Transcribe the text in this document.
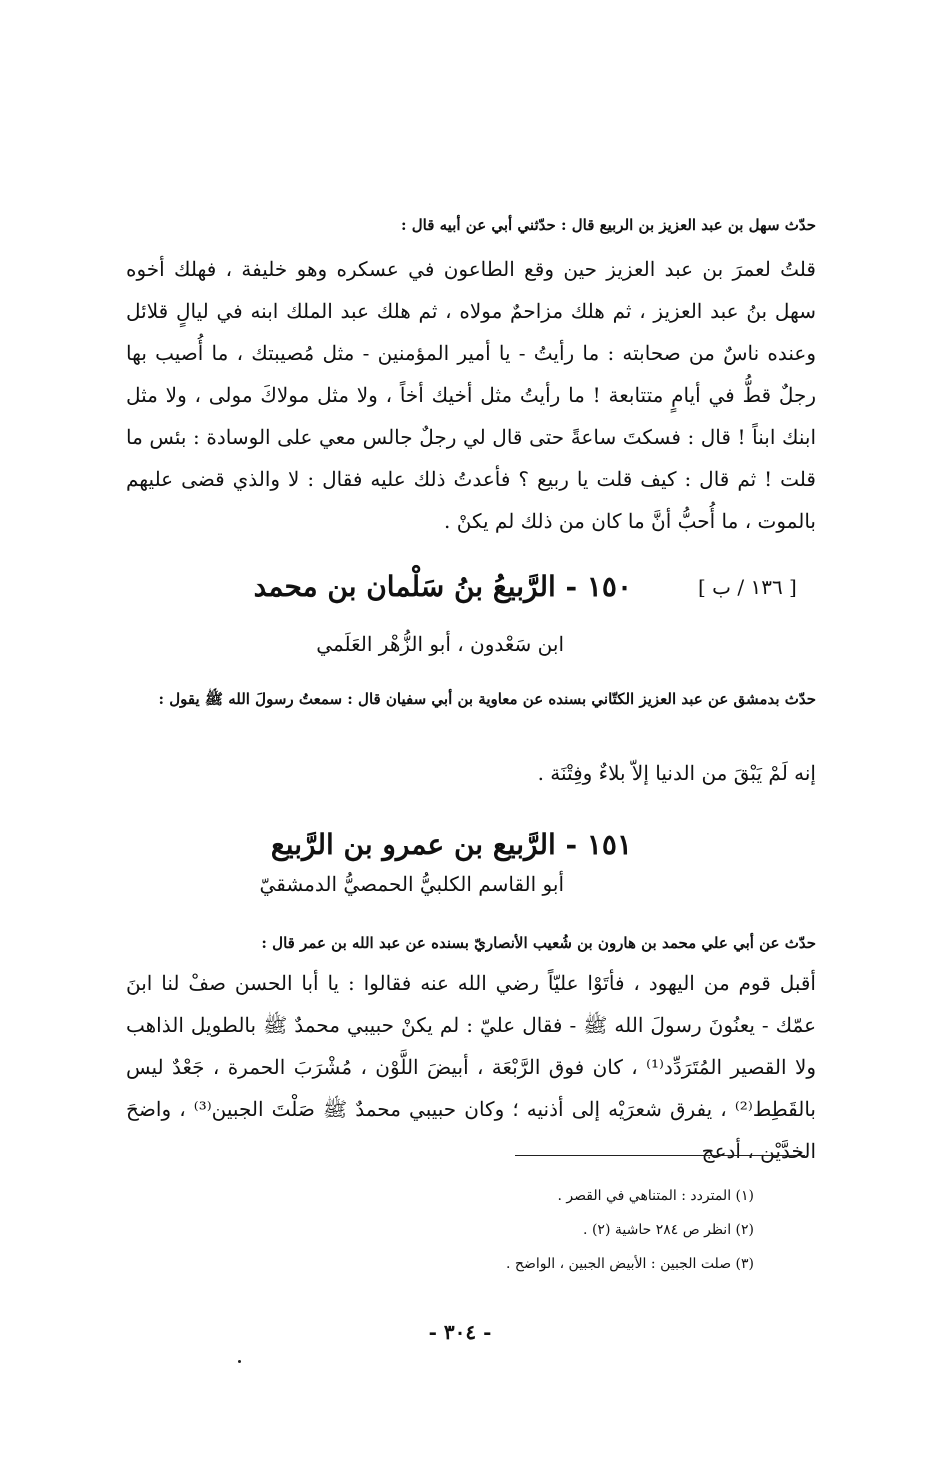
حدّث سهل بن عبد العزيز بن الربيع قال : حدّثني أبي عن أبيه قال :
قلتُ لعمرَ بن عبد العزيز حين وقع الطاعون في عسكره وهو خليفة ، فهلك أخوه سهل بنُ عبد العزيز ، ثم هلك مزاحمٌ مولاه ، ثم هلك عبد الملك ابنه في ليالٍ قلائل وعنده ناسٌ من صحابته : ما رأيتُ - يا أمير المؤمنين - مثل مُصيبتك ، ما أُصيب بها رجلٌ قطُّ في أيامٍ متتابعة ! ما رأيتُ مثل أخيك أخاً ، ولا مثل مولاكَ مولى ، ولا مثل ابنك ابناً ! قال : فسكتَ ساعةً حتى قال لي رجلٌ جالس معي على الوسادة : بئس ما قلت ! ثم قال : كيف قلت يا ربيع ؟ فأعدتُ ذلك عليه فقال : لا والذي قضى عليهم بالموت ، ما أُحبُّ أنَّ ما كان من ذلك لم يكنْ .
[ ١٣٦ / ب ]
١٥٠ - الرَّبيعُ بنُ سَلْمان بن محمد
ابن سَعْدون ، أبو الزُّهْر العَلَمي
حدّث بدمشق عن عبد العزيز الكتّاني بسنده عن معاوية بن أبي سفيان قال : سمعتُ رسولَ الله ﷺ يقول :
إنه لَمْ يَبْقَ من الدنيا إلاّ بلاءٌ وفِتْنَة .
١٥١ - الرَّبيع بن عمرو بن الرَّبيع
أبو القاسم الكلبيُّ الحمصيُّ الدمشقيّ
حدّث عن أبي علي محمد بن هارون بن شُعيب الأنصاريّ بسنده عن عبد الله بن عمر قال :
أقبل قوم من اليهود ، فأتَوْا عليّاً رضي الله عنه فقالوا : يا أبا الحسن صفْ لنا ابنَ عمّك - يعنُونَ رسولَ الله ﷺ - فقال عليّ : لم يكنْ حبيبي محمدٌ ﷺ بالطويل الذاهب ولا القصير المُتَرَدِّد⁽¹⁾ ، كان فوق الرَّبْعَة ، أبيضَ اللَّوْن ، مُشْرَبَ الحمرة ، جَعْدٌ ليس بالقَطِط⁽²⁾ ، يفرق شعرَيْه إلى أذنيه ؛ وكان حبيبي محمدٌ ﷺ صَلْتَ الجبين⁽³⁾ ، واضحَ الخدَّيْن ، أدعج
(١) المتردد : المتناهي في القصر .
(٢) انظر ص ٢٨٤ حاشية (٢) .
(٣) صلت الجبين : الأبيض الجبين ، الواضح .
- ٣٠٤ -
